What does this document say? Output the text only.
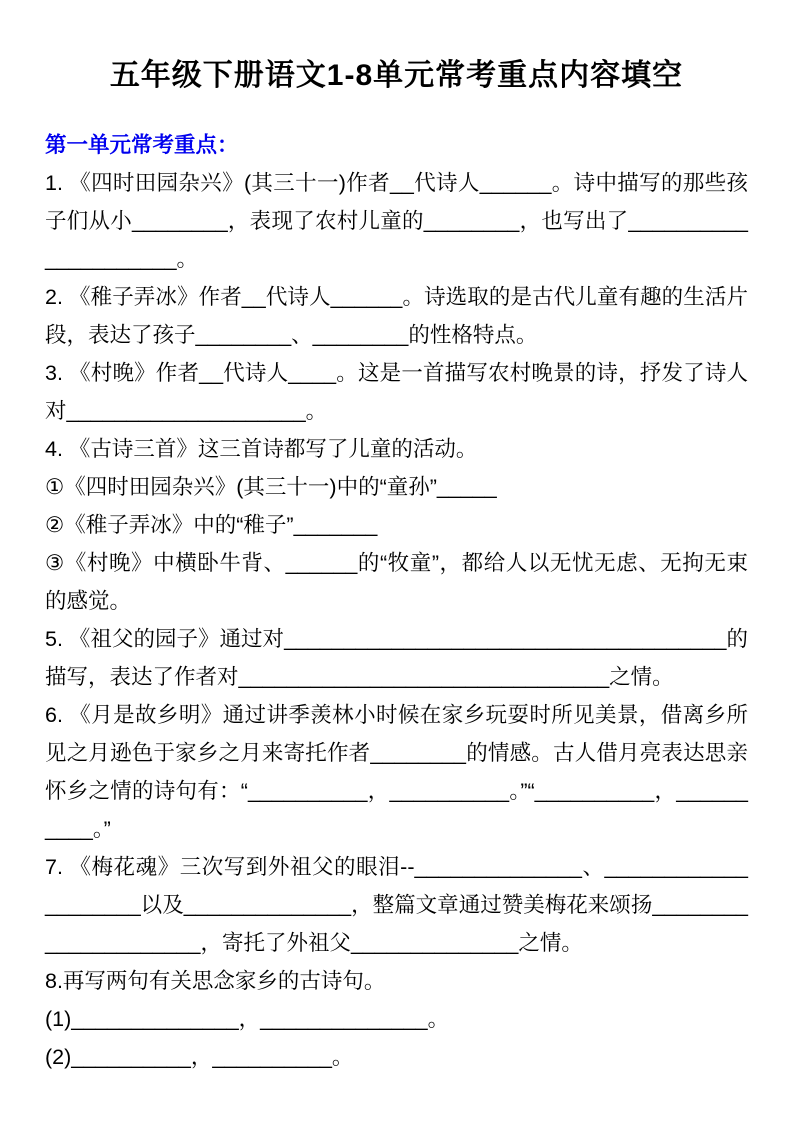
五年级下册语文1-8单元常考重点内容填空
第一单元常考重点：

1. 《四时田园杂兴》(其三十一)作者__代诗人______。诗中描写的那些孩子们从小________，表现了农村儿童的________，也写出了_____________________。

2. 《稚子弄冰》作者__代诗人______。诗选取的是古代儿童有趣的生活片段，表达了孩子________、________的性格特点。

3. 《村晚》作者__代诗人____。这是一首描写农村晚景的诗，抒发了诗人对____________________。

4. 《古诗三首》这三首诗都写了儿童的活动。

①《四时田园杂兴》(其三十一)中的“童孙”_____

②《稚子弄冰》中的“稚子”_______

③《村晚》中横卧牛背、______的“牧童”，都给人以无忧无虑、无拘无束的感觉。

5. 《祖父的园子》通过对_____________________________________的描写，表达了作者对_______________________________之情。

6. 《月是故乡明》通过讲季羡林小时候在家乡玩耍时所见美景，借离乡所见之月逊色于家乡之月来寄托作者________的情感。古人借月亮表达思亲怀乡之情的诗句有：“__________，__________。”“__________，__________。”

7. 《梅花魂》三次写到外祖父的眼泪--______________、____________________以及______________，整篇文章通过赞美梅花来颂扬_____________________，寄托了外祖父______________之情。

8.再写两句有关思念家乡的古诗句。

(1)______________，______________。

(2)__________，__________。
